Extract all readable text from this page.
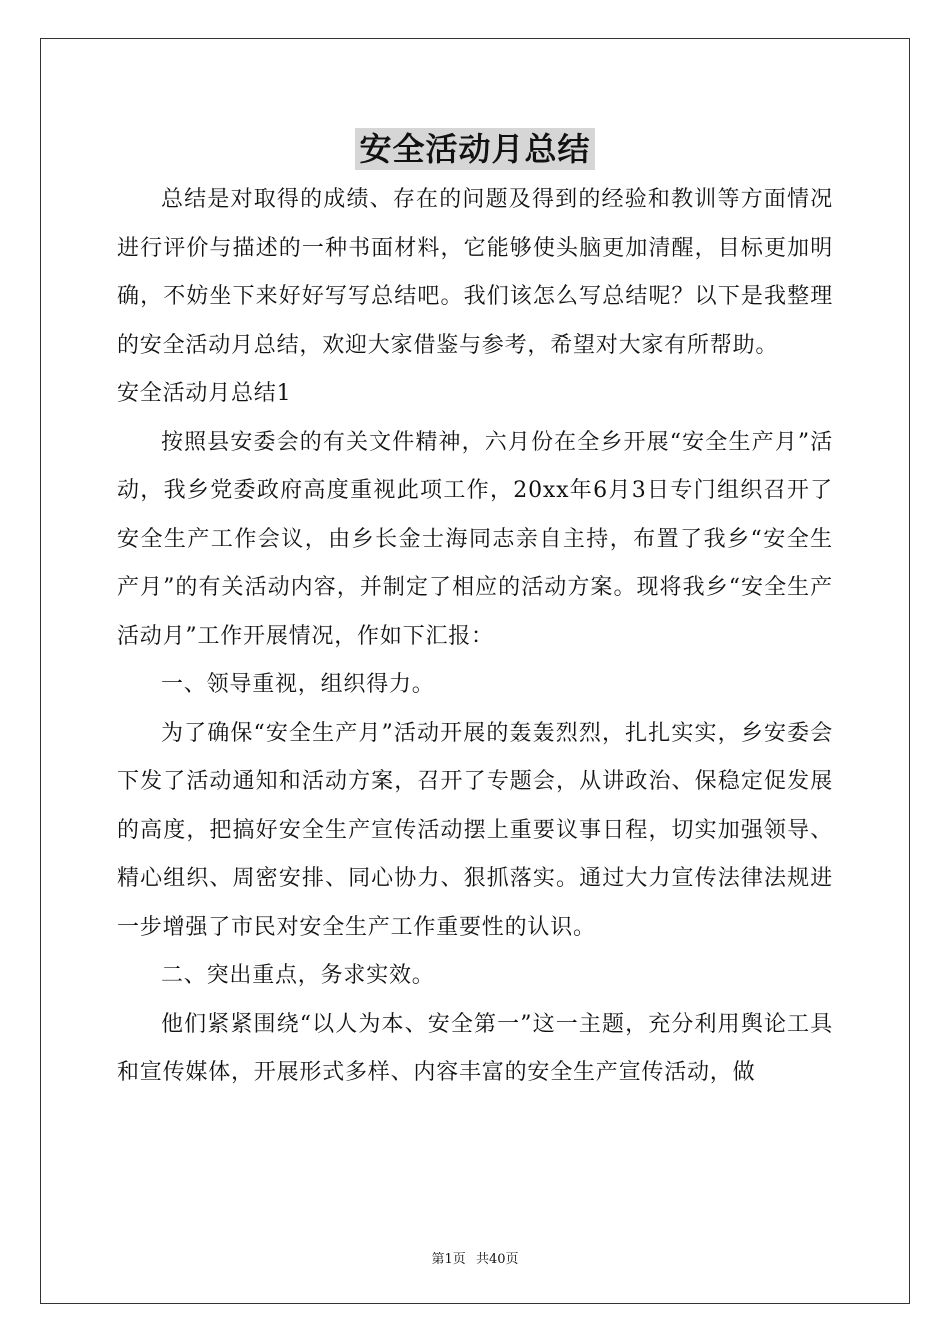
安全活动月总结

总结是对取得的成绩、存在的问题及得到的经验和教训等方面情况进行评价与描述的一种书面材料，它能够使头脑更加清醒，目标更加明确，不妨坐下来好好写写总结吧。我们该怎么写总结呢？以下是我整理的安全活动月总结，欢迎大家借鉴与参考，希望对大家有所帮助。

安全活动月总结1

按照县安委会的有关文件精神，六月份在全乡开展“安全生产月”活动，我乡党委政府高度重视此项工作，20xx年6月3日专门组织召开了安全生产工作会议，由乡长金士海同志亲自主持，布置了我乡“安全生产月”的有关活动内容，并制定了相应的活动方案。现将我乡“安全生产活动月”工作开展情况，作如下汇报：

一、领导重视，组织得力。

为了确保“安全生产月”活动开展的轰轰烈烈，扎扎实实，乡安委会下发了活动通知和活动方案，召开了专题会，从讲政治、保稳定促发展的高度，把搞好安全生产宣传活动摆上重要议事日程，切实加强领导、精心组织、周密安排、同心协力、狠抓落实。通过大力宣传法律法规进一步增强了市民对安全生产工作重要性的认识。

二、突出重点，务求实效。

他们紧紧围绕“以人为本、安全第一”这一主题，充分利用舆论工具和宣传媒体，开展形式多样、内容丰富的安全生产宣传活动，做

第1页 共40页
